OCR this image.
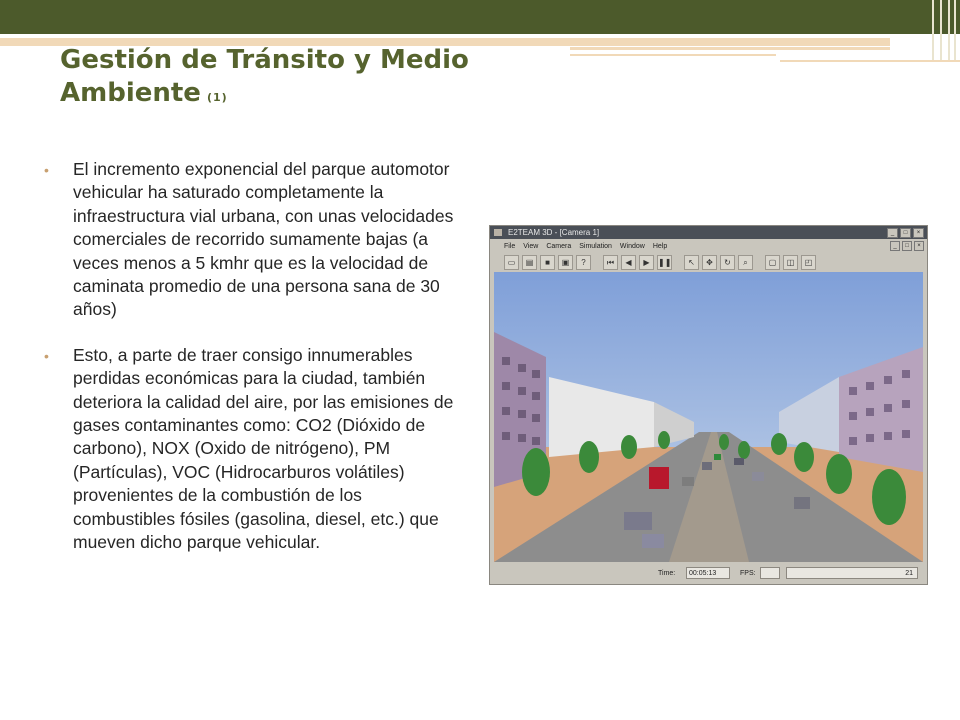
Gestión de Tránsito y Medio
Ambiente (1)
• El incremento exponencial del parque automotor vehicular ha saturado completamente la infraestructura vial urbana, con unas velocidades comerciales de recorrido sumamente bajas (a veces menos a 5 kmhr que es la velocidad de caminata promedio de una persona sana de 30 años)
• Esto, a parte de traer consigo innumerables perdidas económicas para la ciudad, también deteriora la calidad del aire, por las emisiones de gases contaminantes como: CO2 (Dióxido de carbono), NOX (Oxido de nitrógeno), PM (Partículas), VOC (Hidrocarburos volátiles) provenientes de la combustión de los combustibles fósiles (gasolina, diesel, etc.) que mueven dicho parque vehicular.
E2TEAM 3D - [Camera 1]	_	□	×
File View Camera Simulation Window Help	_	□	×
▭	▤	■	▣	?	⏮	◀	▶	❚❚	↖	✥	↻	⌕	▢	◫	◰
Time:	00:05:13	FPS:	21
